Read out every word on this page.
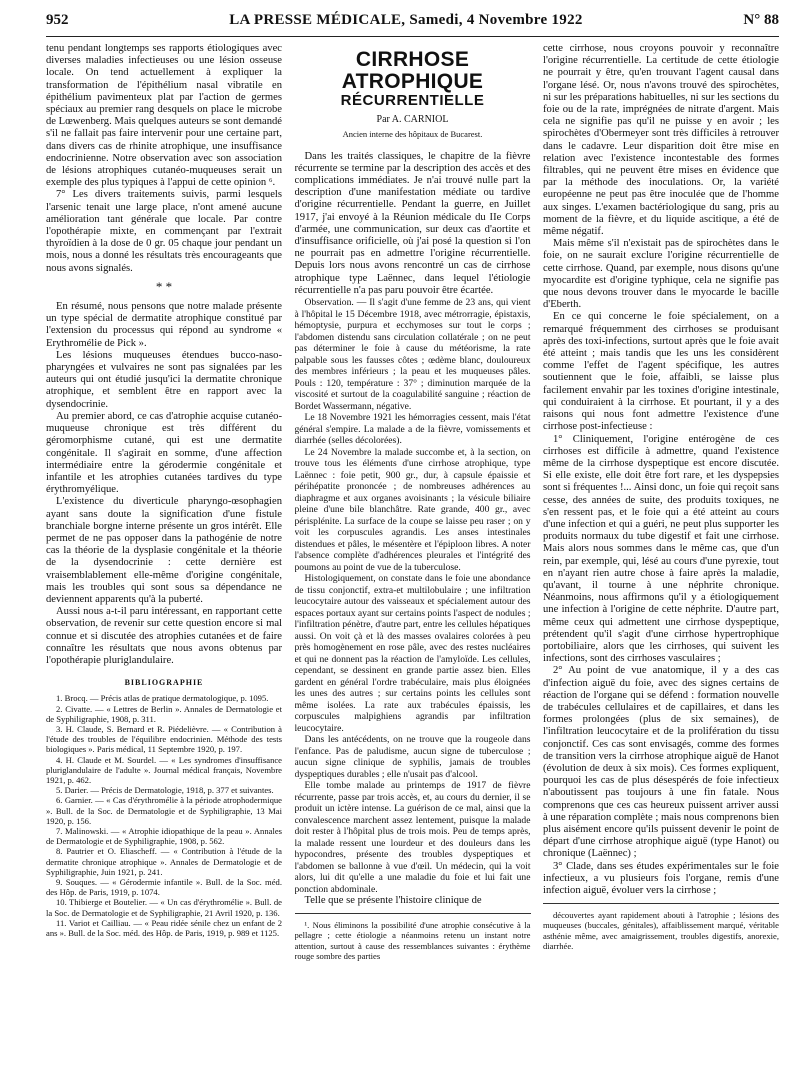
952	LA PRESSE MÉDICALE, Samedi, 4 Novembre 1922	N° 88

tenu pendant longtemps ses rapports étiologiques avec diverses maladies infectieuses ou une lésion osseuse locale. On tend actuellement à expliquer la transformation de l'épithélium nasal vibratile en épithélium pavimenteux plat par l'action de germes spéciaux au premier rang desquels on place le microbe de Lœwenberg. Mais quelques auteurs se sont demandé s'il ne fallait pas faire intervenir pour une certaine part, dans divers cas de rhinite atrophique, une insuffisance endocrinienne. Notre observation avec son association de lésions atrophiques cutanéo-muqueuses serait un exemple des plus typiques à l'appui de cette opinion ⁶.

7° Les divers traitements suivis, parmi lesquels l'arsenic tenait une large place, n'ont amené aucune amélioration tant générale que locale. Par contre l'opothérapie mixte, en commençant par l'extrait thyroïdien à la dose de 0 gr. 05 chaque jour pendant un mois, nous a donné les résultats très encourageants que nous avons signalés.

* *

En résumé, nous pensons que notre malade présente un type spécial de dermatite atrophique constitué par l'extension du processus qui répond au syndrome « Erythromélie de Pick ».

Les lésions muqueuses étendues bucco-naso-pharyngées et vulvaires ne sont pas signalées par les auteurs qui ont étudié jusqu'ici la dermatite chronique atrophique, et semblent être en rapport avec la dysendocrinie.

Au premier abord, ce cas d'atrophie acquise cutanéo-muqueuse chronique est très différent du géromorphisme cutané, qui est une dermatite congénitale. Il s'agirait en somme, d'une affection intermédiaire entre la gérodermie congénitale et infantile et les atrophies cutanées tardives du type érythromyélique.

L'existence du diverticule pharyngo-œsophagien ayant sans doute la signification d'une fistule branchiale borgne interne présente un gros intérêt. Elle permet de ne pas opposer dans la pathogénie de notre cas la théorie de la dysplasie congénitale et la théorie de la dysendocrinie : cette dernière est vraisemblablement elle-même d'origine congénitale, mais les troubles qui sont sous sa dépendance ne deviennent apparents qu'à la puberté.

Aussi nous a-t-il paru intéressant, en rapportant cette observation, de revenir sur cette question encore si mal connue et si discutée des atrophies cutanées et de faire connaître les résultats que nous avons obtenus par l'opothérapie pluriglandulaire.

BIBLIOGRAPHIE

1. Brocq. — Précis atlas de pratique dermatologique, p. 1095.

2. Civatte. — « Lettres de Berlin ». Annales de Dermatologie et de Syphiligraphie, 1908, p. 311.

3. H. Claude, S. Bernard et R. Piédelièvre. — « Contribution à l'étude des troubles de l'équilibre endocrinien. Méthode des tests biologiques ». Paris médical, 11 Septembre 1920, p. 197.

4. H. Claude et M. Sourdel. — « Les syndromes d'insuffisance pluriglandulaire de l'adulte ». Journal médical français, Novembre 1921, p. 462.

5. Darier. — Précis de Dermatologie, 1918, p. 377 et suivantes.

6. Garnier. — « Cas d'érythromélie à la période atrophodermique ». Bull. de la Soc. de Dermatologie et de Syphiligraphie, 13 Mai 1920, p. 156.

7. Malinowski. — « Atrophie idiopathique de la peau ». Annales de Dermatologie et de Syphiligraphie, 1908, p. 562.

8. Pautrier et O. Eliascheff. — « Contribution à l'étude de la dermatite chronique atrophique ». Annales de Dermatologie et de Syphiligraphie, Juin 1921, p. 241.

9. Souques. — « Gérodermie infantile ». Bull. de la Soc. méd. des Hôp. de Paris, 1919, p. 1074.

10. Thibierge et Boutelier. — « Un cas d'érythromélie ». Bull. de la Soc. de Dermatologie et de Syphiligraphie, 21 Avril 1920, p. 136.

11. Variot et Cailliau. — « Peau ridée sénile chez un enfant de 2 ans ». Bull. de la Soc. méd. des Hôp. de Paris, 1919, p. 989 et 1125.

CIRRHOSE ATROPHIQUE
RÉCURRENTIELLE
Par A. CARNIOL
Ancien interne des hôpitaux de Bucarest.

Dans les traités classiques, le chapitre de la fièvre récurrente se termine par la description des accès et des complications immédiates. Je n'ai trouvé nulle part la description d'une manifestation médiate ou tardive d'origine récurrentielle. Pendant la guerre, en Juillet 1917, j'ai envoyé à la Réunion médicale du IIe Corps d'armée, une communication, sur deux cas d'aortite et d'insuffisance orificielle, où j'ai posé la question si l'on ne pourrait pas en admettre l'origine récurrentielle. Depuis lors nous avons rencontré un cas de cirrhose atrophique type Laënnec, dans lequel l'étiologie récurrentielle n'a pas paru pouvoir être écartée.

Observation. — Il s'agit d'une femme de 23 ans, qui vient à l'hôpital le 15 Décembre 1918, avec métrorragie, épistaxis, hémoptysie, purpura et ecchymoses sur tout le corps ; l'abdomen distendu sans circulation collatérale ; on ne peut pas déterminer le foie à cause du météorisme, la rate palpable sous les fausses côtes ; œdème blanc, douloureux des membres inférieurs ; la peau et les muqueuses pâles. Pouls : 120, température : 37° ; diminution marquée de la viscosité et surtout de la coagulabilité sanguine ; réaction de Bordet Wassermann, négative.

Le 18 Novembre 1921 les hémorragies cessent, mais l'état général s'empire. La malade a de la fièvre, vomissements et diarrhée (selles décolorées).

Le 24 Novembre la malade succombe et, à la section, on trouve tous les éléments d'une cirrhose atrophique, type Laënnec : foie petit, 900 gr., dur, à capsule épaissie et périhépatite prononcée ; de nombreuses adhérences au diaphragme et aux organes avoisinants ; la vésicule biliaire pleine d'une bile blanchâtre. Rate grande, 400 gr., avec périsplénite. La surface de la coupe se laisse peu raser ; on y voit les corpuscules agrandis. Les anses intestinales distendues et pâles, le mésentère et l'épiploon libres. A noter l'absence complète d'adhérences pleurales et l'intégrité des poumons au point de vue de la tuberculose.

Histologiquement, on constate dans le foie une abondance de tissu conjonctif, extra-et multilobulaire ; une infiltration leucocytaire autour des vaisseaux et spécialement autour des espaces portaux ayant sur certains points l'aspect de nodules ; l'infiltration pénètre, d'autre part, entre les cellules hépatiques aussi. On voit çà et là des masses ovalaires colorées à peu près homogènement en rose pâle, avec des restes nucléaires et qui ne donnent pas la réaction de l'amyloïde. Les cellules, cependant, se dessinent en grande partie assez bien. Elles gardent en général l'ordre trabéculaire, mais plus éloignées les unes des autres ; sur certains points les cellules sont même isolées. La rate aux trabécules épaissis, les corpuscules malpighiens agrandis par infiltration leucocytaire.

Dans les antécédents, on ne trouve que la rougeole dans l'enfance. Pas de paludisme, aucun signe de tuberculose ; aucun signe clinique de syphilis, jamais de troubles dyspeptiques durables ; elle n'usait pas d'alcool.

Elle tombe malade au printemps de 1917 de fièvre récurrente, passe par trois accès, et, au cours du dernier, il se produit un ictère intense. La guérison de ce mal, ainsi que la convalescence marchent assez lentement, puisque la malade doit rester à l'hôpital plus de trois mois. Peu de temps après, la malade ressent une lourdeur et des douleurs dans les hypocondres, présente des troubles dyspeptiques et l'abdomen se ballonne à vue d'œil. Un médecin, qui la voit alors, lui dit qu'elle a une maladie du foie et lui fait une ponction abdominale.

Telle que se présente l'histoire clinique de

¹. Nous éliminons la possibilité d'une atrophie consécutive à la pellagre ; cette étiologie a néanmoins retenu un instant notre attention, surtout à cause des ressemblances suivantes : érythème rouge sombre des parties

cette cirrhose, nous croyons pouvoir y reconnaître l'origine récurrentielle. La certitude de cette étiologie ne pourrait y être, qu'en trouvant l'agent causal dans l'organe lésé. Or, nous n'avons trouvé des spirochètes, ni sur les préparations habituelles, ni sur les sections du foie ou de la rate, imprégnées de nitrate d'argent. Mais cela ne signifie pas qu'il ne puisse y en avoir ; les spirochètes d'Obermeyer sont très difficiles à retrouver dans le cadavre. Leur disparition doit être mise en relation avec l'existence incontestable des formes filtrables, qui ne peuvent être mises en évidence que par la méthode des inoculations. Or, la variété européenne ne peut pas être inoculée que de l'homme aux singes. L'examen bactériologique du sang, pris au moment de la fièvre, et du liquide ascitique, a été de même négatif.

Mais même s'il n'existait pas de spirochètes dans le foie, on ne saurait exclure l'origine récurrentielle de cette cirrhose. Quand, par exemple, nous disons qu'une myocardite est d'origine typhique, cela ne signifie pas que nous devons trouver dans le myocarde le bacille d'Eberth.

En ce qui concerne le foie spécialement, on a remarqué fréquemment des cirrhoses se produisant après des toxi-infections, surtout après que le foie avait été atteint ; mais tandis que les uns les considèrent comme l'effet de l'agent spécifique, les autres soutiennent que le foie, affaibli, se laisse plus facilement envahir par les toxines d'origine intestinale, qui conduiraient à la cirrhose. Et pourtant, il y a des raisons qui nous font admettre l'existence d'une cirrhose post-infectieuse :

1° Cliniquement, l'origine entérogène de ces cirrhoses est difficile à admettre, quand l'existence même de la cirrhose dyspeptique est encore discutée. Si elle existe, elle doit être fort rare, et les dyspepsies sont si fréquentes !... Ainsi donc, un foie qui reçoit sans cesse, des années de suite, des produits toxiques, ne s'en ressent pas, et le foie qui a été atteint au cours d'une infection et qui a guéri, ne peut plus supporter les produits normaux du tube digestif et fait une cirrhose. Mais alors nous sommes dans le même cas, que d'un rein, par exemple, qui, lésé au cours d'une pyrexie, tout en n'ayant rien autre chose à faire après la maladie, qu'avant, il tourne à une néphrite chronique. Néanmoins, nous affirmons qu'il y a étiologiquement une infection à l'origine de cette néphrite. D'autre part, même ceux qui admettent une cirrhose dyspeptique, prétendent qu'il s'agit d'une cirrhose hypertrophique portobiliaire, alors que les cirrhoses, qui suivent les infections, sont des cirrhoses vasculaires ;

2° Au point de vue anatomique, il y a des cas d'infection aiguë du foie, avec des signes certains de réaction de l'organe qui se défend : formation nouvelle de trabécules cellulaires et de capillaires, et dans les formes prolongées (plus de six semaines), de l'infiltration leucocytaire et de la prolifération du tissu conjonctif. Ces cas sont envisagés, comme des formes de transition vers la cirrhose atrophique aiguë de Hanot (évolution de deux à six mois). Ces formes expliquent, pourquoi les cas de plus désespérés de foie infectieux n'aboutissent pas toujours à une fin fatale. Nous comprenons que ces cas heureux puissent arriver aussi à une réparation complète ; mais nous comprenons bien plus aisément encore qu'ils puissent devenir le point de départ d'une cirrhose atrophique aiguë (type Hanot) ou chronique (Laënnec) ;

3° Clade, dans ses études expérimentales sur le foie infectieux, a vu plusieurs fois l'organe, remis d'une infection aiguë, évoluer vers la cirrhose ;

découvertes ayant rapidement abouti à l'atrophie ; lésions des muqueuses (buccales, génitales), affaiblissement marqué, véritable asthénie même, avec amaigrissement, troubles digestifs, anorexie, diarrhée.
